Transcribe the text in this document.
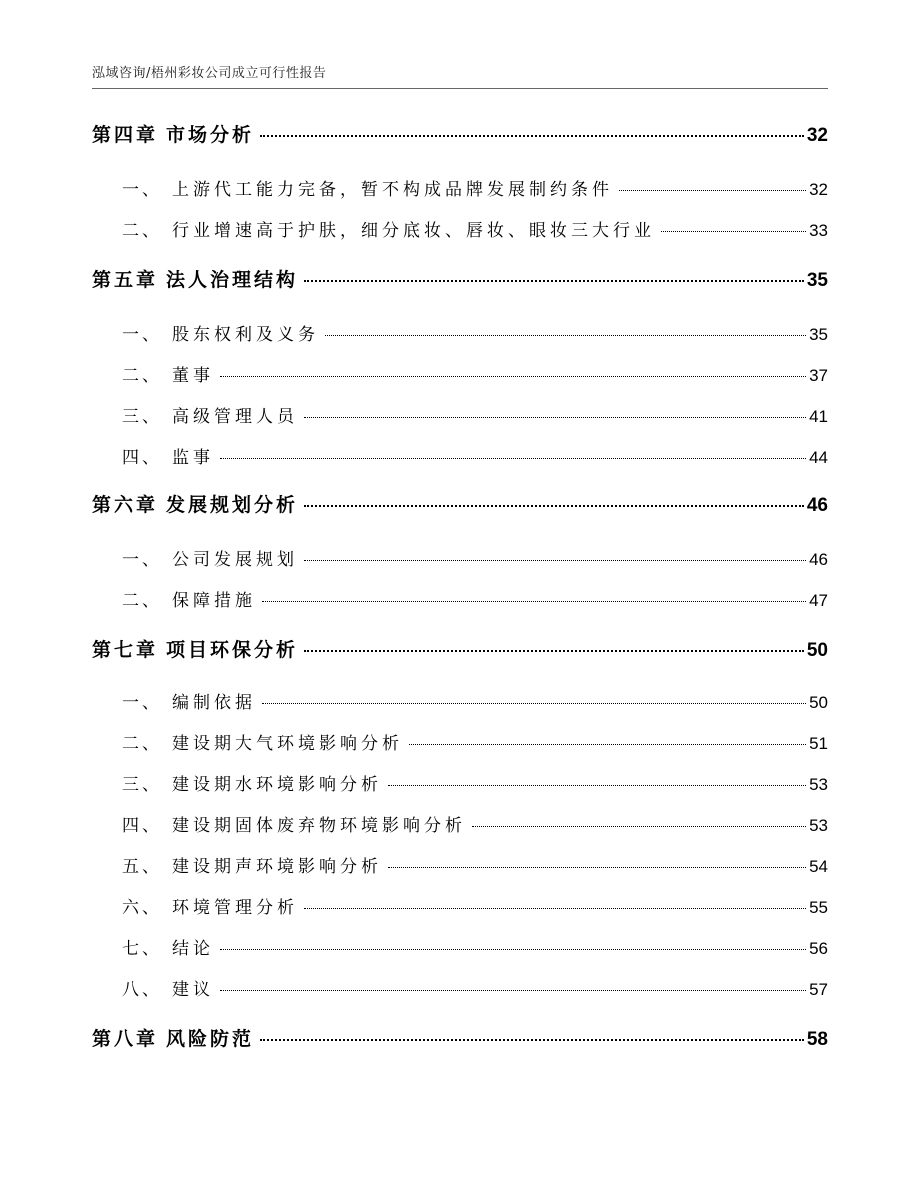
泓域咨询/梧州彩妆公司成立可行性报告
第四章 市场分析	32
一、 上游代工能力完备，暂不构成品牌发展制约条件	32
二、 行业增速高于护肤，细分底妆、唇妆、眼妆三大行业	33
第五章 法人治理结构	35
一、 股东权利及义务	35
二、 董事	37
三、 高级管理人员	41
四、 监事	44
第六章 发展规划分析	46
一、 公司发展规划	46
二、 保障措施	47
第七章 项目环保分析	50
一、 编制依据	50
二、 建设期大气环境影响分析	51
三、 建设期水环境影响分析	53
四、 建设期固体废弃物环境影响分析	53
五、 建设期声环境影响分析	54
六、 环境管理分析	55
七、 结论	56
八、 建议	57
第八章 风险防范	58
